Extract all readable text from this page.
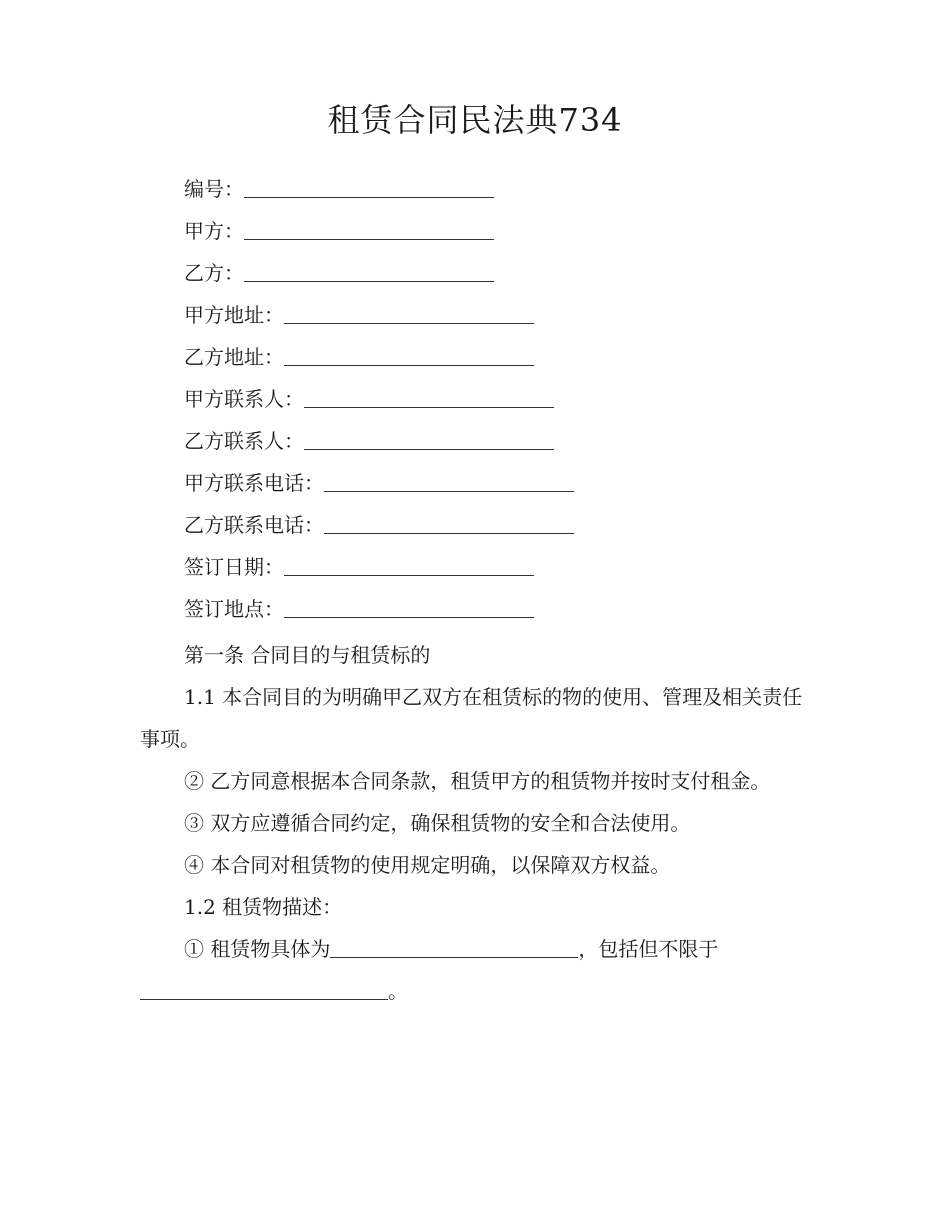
租赁合同民法典734
编号：
甲方：
乙方：
甲方地址：
乙方地址：
甲方联系人：
乙方联系人：
甲方联系电话：
乙方联系电话：
签订日期：
签订地点：

第一条 合同目的与租赁标的

1.1 本合同目的为明确甲乙双方在租赁标的物的使用、管理及相关责任事项。

② 乙方同意根据本合同条款，租赁甲方的租赁物并按时支付租金。

③ 双方应遵循合同约定，确保租赁物的安全和合法使用。

④ 本合同对租赁物的使用规定明确，以保障双方权益。

1.2 租赁物描述：

① 租赁物具体为	，包括但不限于。
